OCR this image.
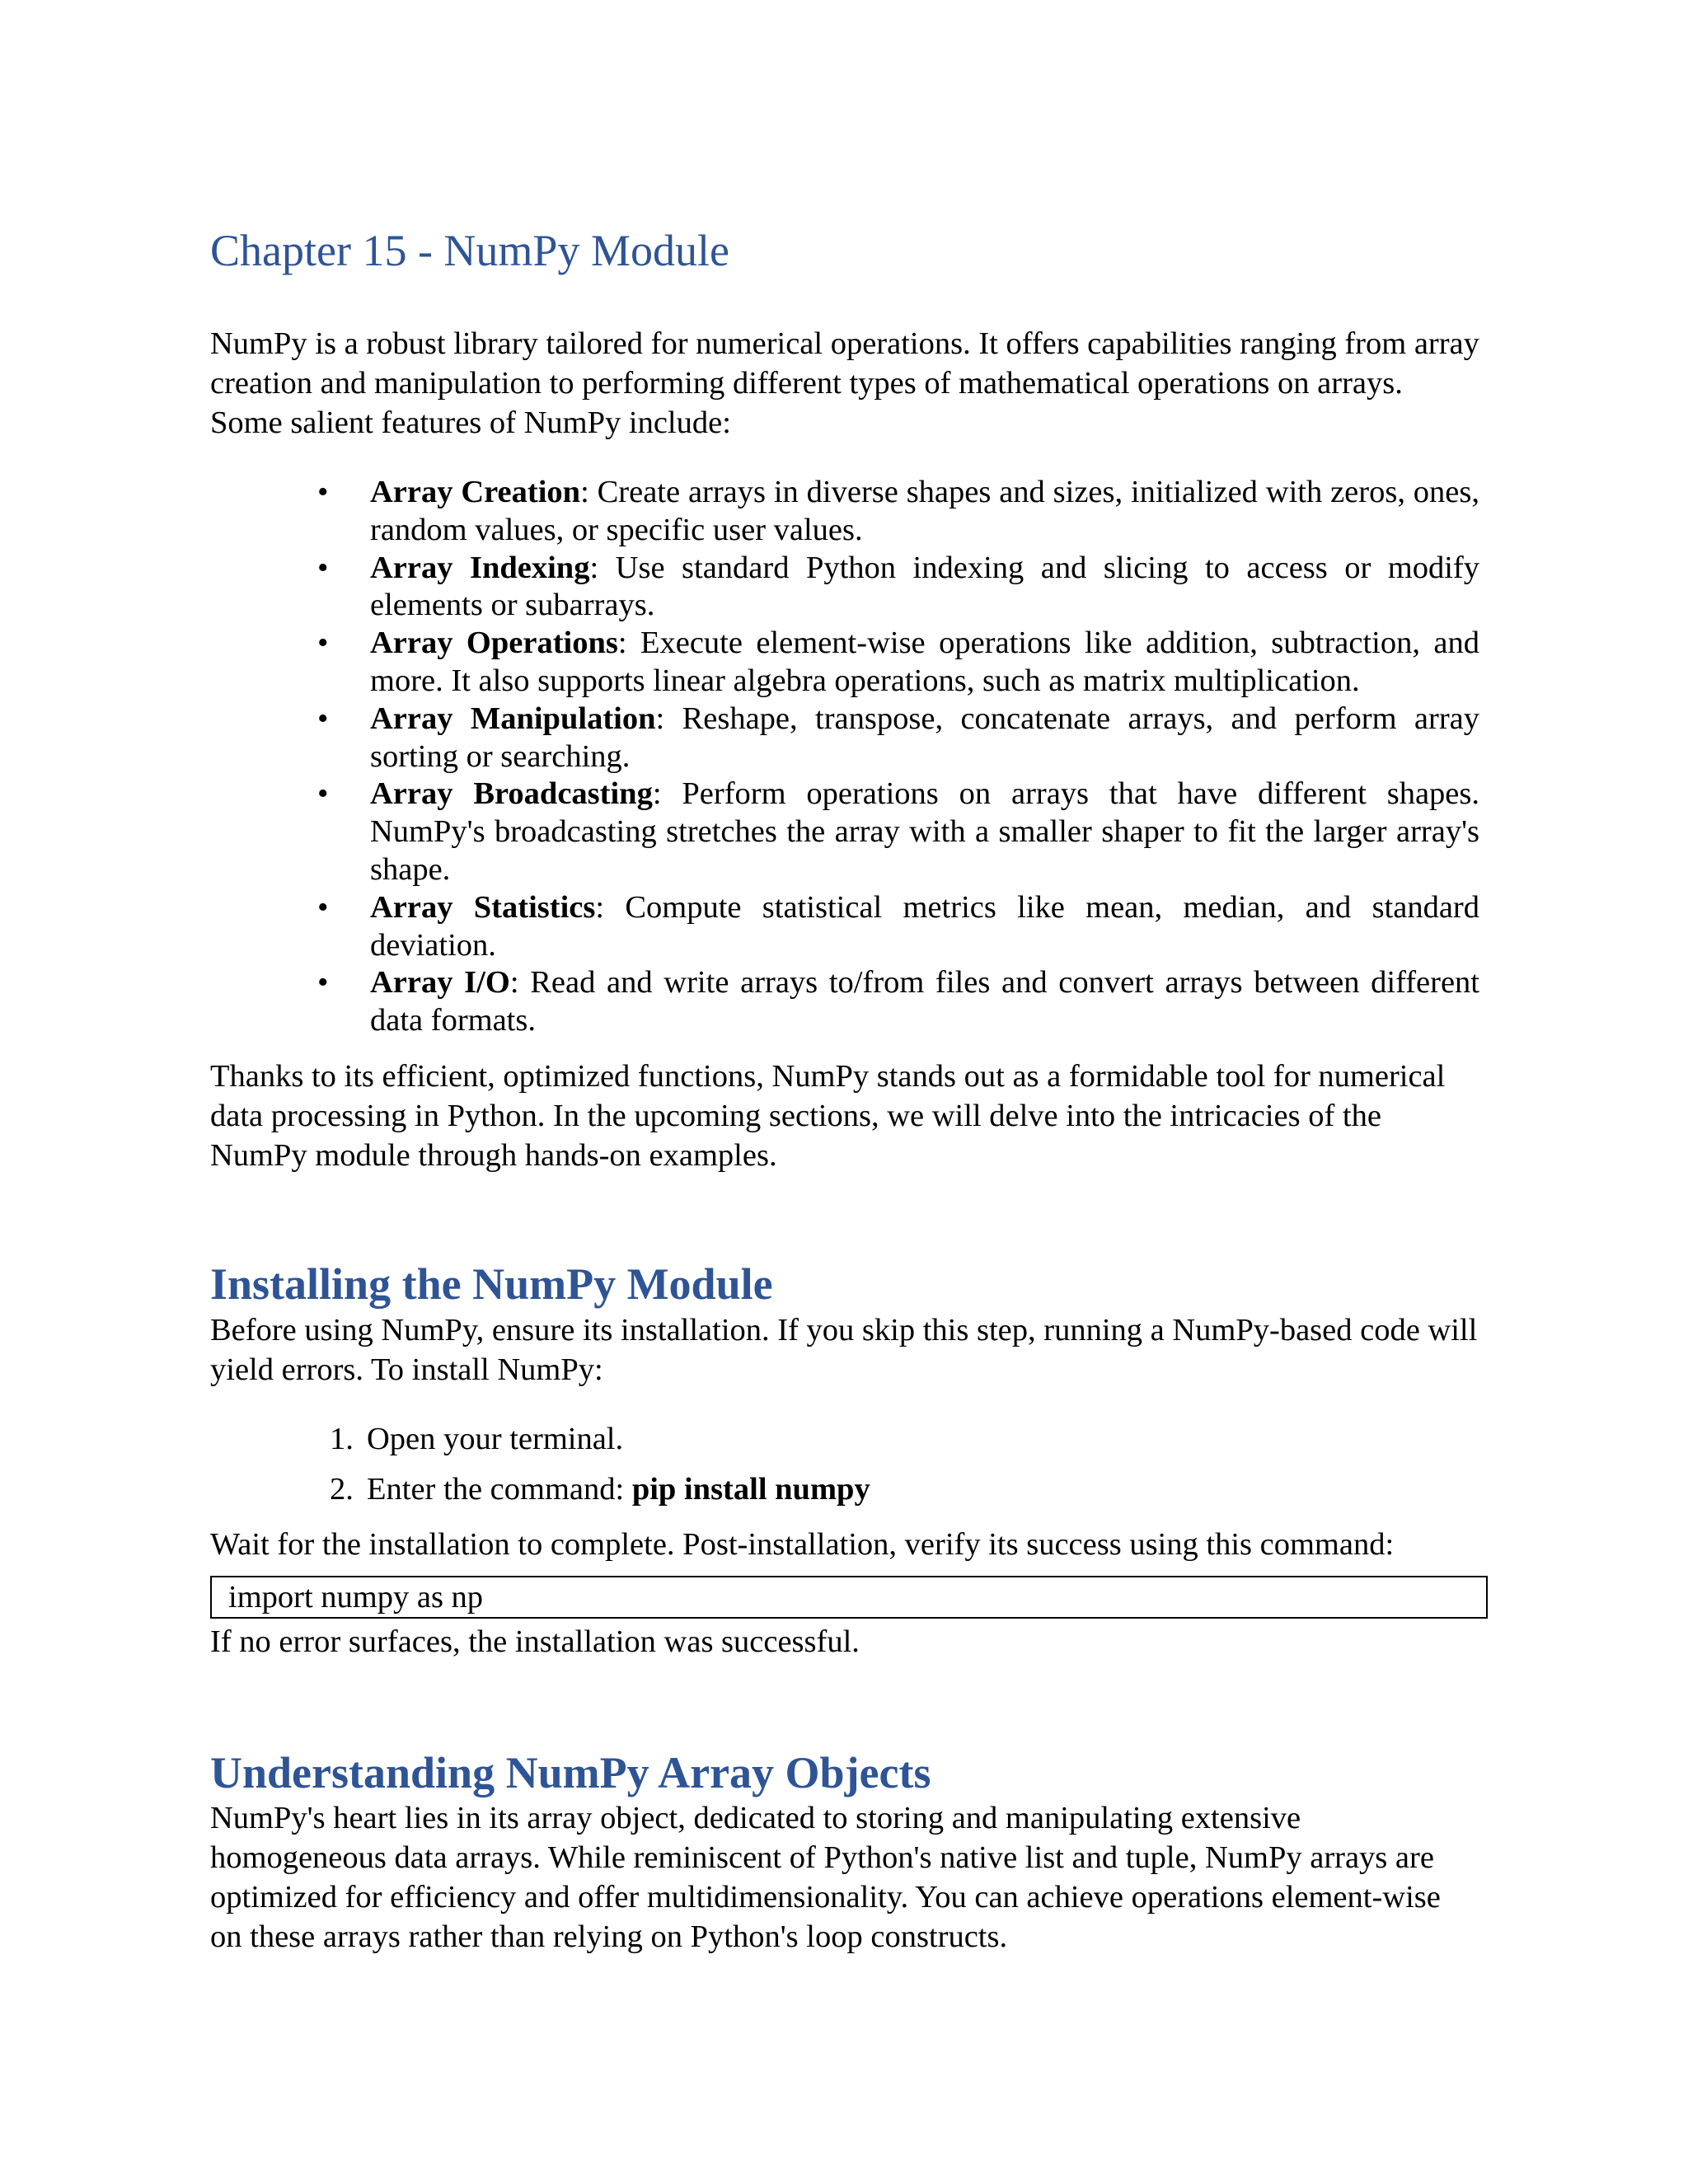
Chapter 15 - NumPy Module

NumPy is a robust library tailored for numerical operations. It offers capabilities ranging from array creation and manipulation to performing different types of mathematical operations on arrays. Some salient features of NumPy include:

• Array Creation: Create arrays in diverse shapes and sizes, initialized with zeros, ones, random values, or specific user values.
• Array Indexing: Use standard Python indexing and slicing to access or modify elements or subarrays.
• Array Operations: Execute element-wise operations like addition, subtraction, and more. It also supports linear algebra operations, such as matrix multiplication.
• Array Manipulation: Reshape, transpose, concatenate arrays, and perform array sorting or searching.
• Array Broadcasting: Perform operations on arrays that have different shapes. NumPy's broadcasting stretches the array with a smaller shaper to fit the larger array's shape.
• Array Statistics: Compute statistical metrics like mean, median, and standard deviation.
• Array I/O: Read and write arrays to/from files and convert arrays between different data formats.

Thanks to its efficient, optimized functions, NumPy stands out as a formidable tool for numerical data processing in Python. In the upcoming sections, we will delve into the intricacies of the NumPy module through hands-on examples.

Installing the NumPy Module

Before using NumPy, ensure its installation. If you skip this step, running a NumPy-based code will yield errors. To install NumPy:

1. Open your terminal.
2. Enter the command: pip install numpy

Wait for the installation to complete. Post-installation, verify its success using this command:

import numpy as np

If no error surfaces, the installation was successful.

Understanding NumPy Array Objects

NumPy's heart lies in its array object, dedicated to storing and manipulating extensive homogeneous data arrays. While reminiscent of Python's native list and tuple, NumPy arrays are optimized for efficiency and offer multidimensionality. You can achieve operations element-wise on these arrays rather than relying on Python's loop constructs.
